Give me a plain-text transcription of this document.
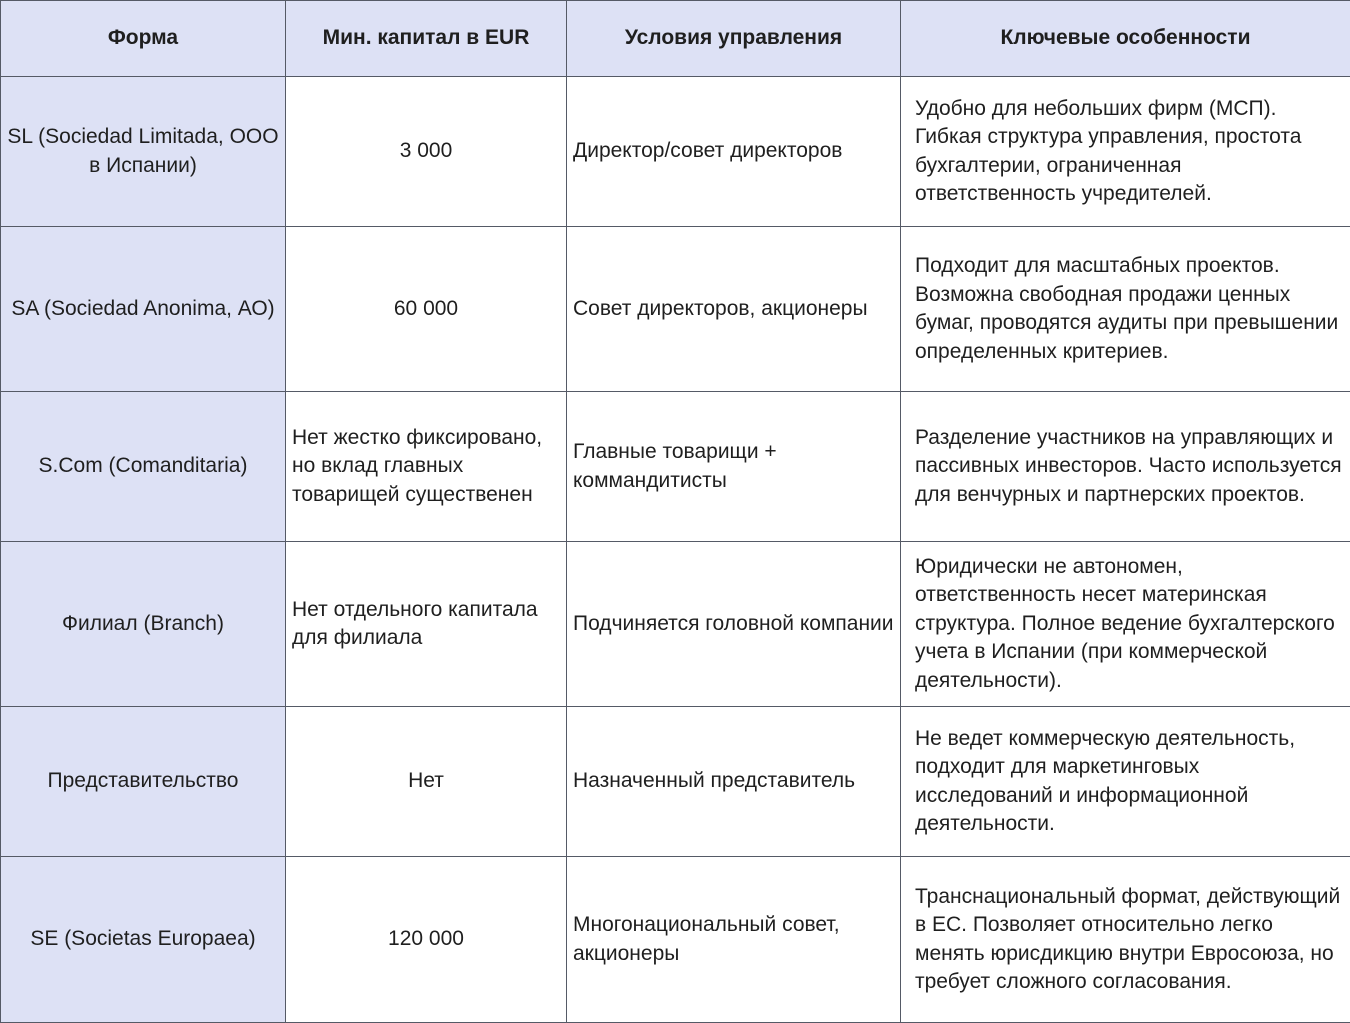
Форма	Мин. капитал в EUR	Условия управления	Ключевые особенности
SL (Sociedad Limitada, ООО в Испании)	3 000	Директор/совет директоров	Удобно для небольших фирм (МСП). Гибкая структура управления, простота бухгалтерии, ограниченная ответственность учредителей.
SA (Sociedad Anonima, АО)	60 000	Совет директоров, акционеры	Подходит для масштабных проектов. Возможна свободная продажи ценных бумаг, проводятся аудиты при превышении определенных критериев.
S.Com (Comanditaria)	Нет жестко фиксировано, но вклад главных товарищей существенен	Главные товарищи + коммандитисты	Разделение участников на управляющих и пассивных инвесторов. Часто используется для венчурных и партнерских проектов.
Филиал (Branch)	Нет отдельного капитала для филиала	Подчиняется головной компании	Юридически не автономен, ответственность несет материнская структура. Полное ведение бухгалтерского учета в Испании (при коммерческой деятельности).
Представительство	Нет	Назначенный представитель	Не ведет коммерческую деятельность, подходит для маркетинговых исследований и информационной деятельности.
SE (Societas Europaea)	120 000	Многонациональный совет, акционеры	Транснациональный формат, действующий в ЕС. Позволяет относительно легко менять юрисдикцию внутри Евросоюза, но требует сложного согласования.
